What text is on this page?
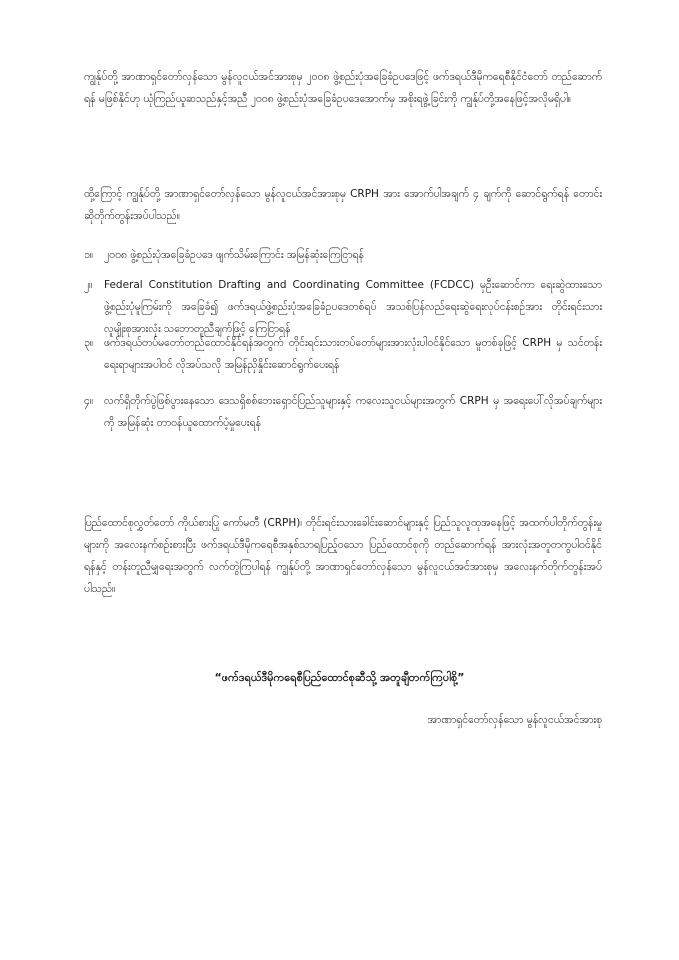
ကျွန်ုပ်တို့ အာဏာရှင်တော်လှန်သော မွန်လူငယ်အင်အားစုမှ ၂၀၀၈ ဖွဲ့စည်းပုံအခြေခံဥပဒေဖြင့် ဖက်ဒရယ်ဒီမိုကရေစီနိုင်ငံတော် တည်ဆောက်ရန် မဖြစ်နိုင်ဟု ယုံကြည်ယူဆသည်နှင့်အညီ ၂၀၀၈ ဖွဲ့စည်းပုံအခြေခံဥပဒေအောက်မှ အစိုးရဖွဲ့ခြင်းကို ကျွန်ုပ်တို့အနေဖြင့်အလိုမရှိပါ။

ထို့ကြောင့် ကျွန်ုပ်တို့ အာဏာရှင်တော်လှန်သော မွန်လူငယ်အင်အားစုမှ CRPH အား အောက်ပါအချက် ၄ ချက်ကို ဆောင်ရွက်ရန် တောင်းဆိုတိုက်တွန်းအပ်ပါသည်။

၁။	၂၀၀၈ ဖွဲ့စည်းပုံအခြေခံဥပဒေ ဖျက်သိမ်းကြောင်း အမြန်ဆုံးကြေငြာရန်
၂။	Federal Constitution Drafting and Coordinating Committee (FCDCC) မှဦးဆောင်ကာ ရေးဆွဲထားသောဖွဲ့စည်းပုံမူကြမ်းကို အခြေခံ၍ ဖက်ဒရယ်ဖွဲ့စည်းပုံအခြေခံဥပဒေတစ်ရပ် အသစ်ပြန်လည်ရေးဆွဲရေးလုပ်ငန်းစဉ်အား တိုင်းရင်းသားလူမျိုးစုအားလုံး သဘောတူညီချက်ဖြင့် ကြေငြာရန်
၃။	ဖက်ဒရယ်တပ်မတော်တည်ထောင်နိုင်ရန်အတွက် တိုင်းရင်းသားတပ်တော်များအားလုံးပါဝင်နိုင်သော မူတစ်ခုဖြင့် CRPH မှ သင်တန်းရေးရာများအပါဝင် လိုအပ်သလို အမြန်ညှိနှိုင်းဆောင်ရွက်ပေးရန်
၄။	လက်ရှိတိုက်ပွဲဖြစ်ပွားနေသော ဒေသရှိစစ်ဘေးရှောင်ပြည်သူများနှင့် ကလေးသူငယ်များအတွက် CRPH မှ အရေးပေါ်လိုအပ်ချက်များကို အမြန်ဆုံး တာဝန်ယူထောက်ပံ့မှုပေးရန်

ပြည်ထောင်စုလွှတ်တော် ကိုယ်စားပြု ကော်မတီ (CRPH)၊ တိုင်းရင်းသားခေါင်းဆောင်များနှင့် ပြည်သူလူထုအနေဖြင့် အထက်ပါတိုက်တွန်းမှုများကို အလေးနက်စဉ်းစားပြီး ဖက်ဒရယ်ဒီမိုကရေစီအနှစ်သာရပြည့်ဝသော ပြည်ထောင်စုကို တည်ဆောက်ရန် အားလုံးအတူတကွပါဝင်နိုင်ရန်နှင့် တန်းတူညီမျှရေးအတွက် လက်တွဲကြပါရန် ကျွန်ုပ်တို့ အာဏာရှင်တော်လှန်သော မွန်လူငယ်အင်အားစုမှ အလေးနက်တိုက်တွန်းအပ်ပါသည်။

“ဖက်ဒရယ်ဒီမိုကရေစီပြည်ထောင်စုဆီသို့ အတူချီတက်ကြပါစို့”

အာဏာရှင်တော်လှန်သော မွန်လူငယ်အင်အားစု
